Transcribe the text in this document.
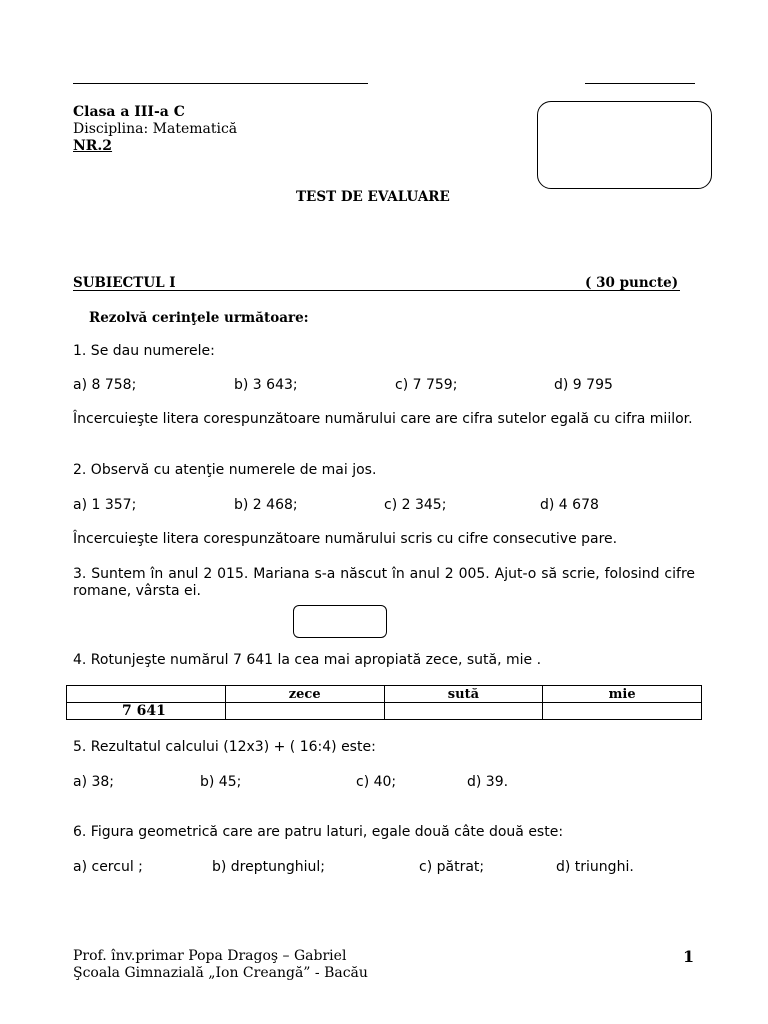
Clasa a III-a C
Disciplina: Matematică
NR.2
TEST DE EVALUARE
SUBIECTUL I	( 30 puncte)
Rezolvă cerinţele următoare:
1. Se dau numerele:
a) 8 758;	b) 3 643;	c) 7 759;	d) 9 795
Încercuieşte litera corespunzătoare numărului care are cifra sutelor egală cu cifra miilor.
2. Observă cu atenţie numerele de mai jos.
a) 1 357;	b) 2 468;	c) 2 345;	d) 4 678
Încercuieşte litera corespunzătoare numărului scris cu cifre consecutive pare.
3. Suntem în anul 2 015. Mariana s-a născut în anul 2 005. Ajut-o să scrie, folosind cifre romane, vârsta ei.
4. Rotunjeşte numărul 7 641 la cea mai apropiată zece, sută, mie .
	zece	sută	mie
7 641			
5. Rezultatul calcului (12x3) + ( 16:4) este:
a) 38;	b) 45;	c) 40;	d) 39.
6. Figura geometrică care are patru laturi, egale două câte două este:
a) cercul ;	b) dreptunghiul;	c) pătrat;	d) triunghi.
Prof. înv.primar Popa Dragoş – Gabriel
Şcoala Gimnazială „Ion Creangă” - Bacău
1
